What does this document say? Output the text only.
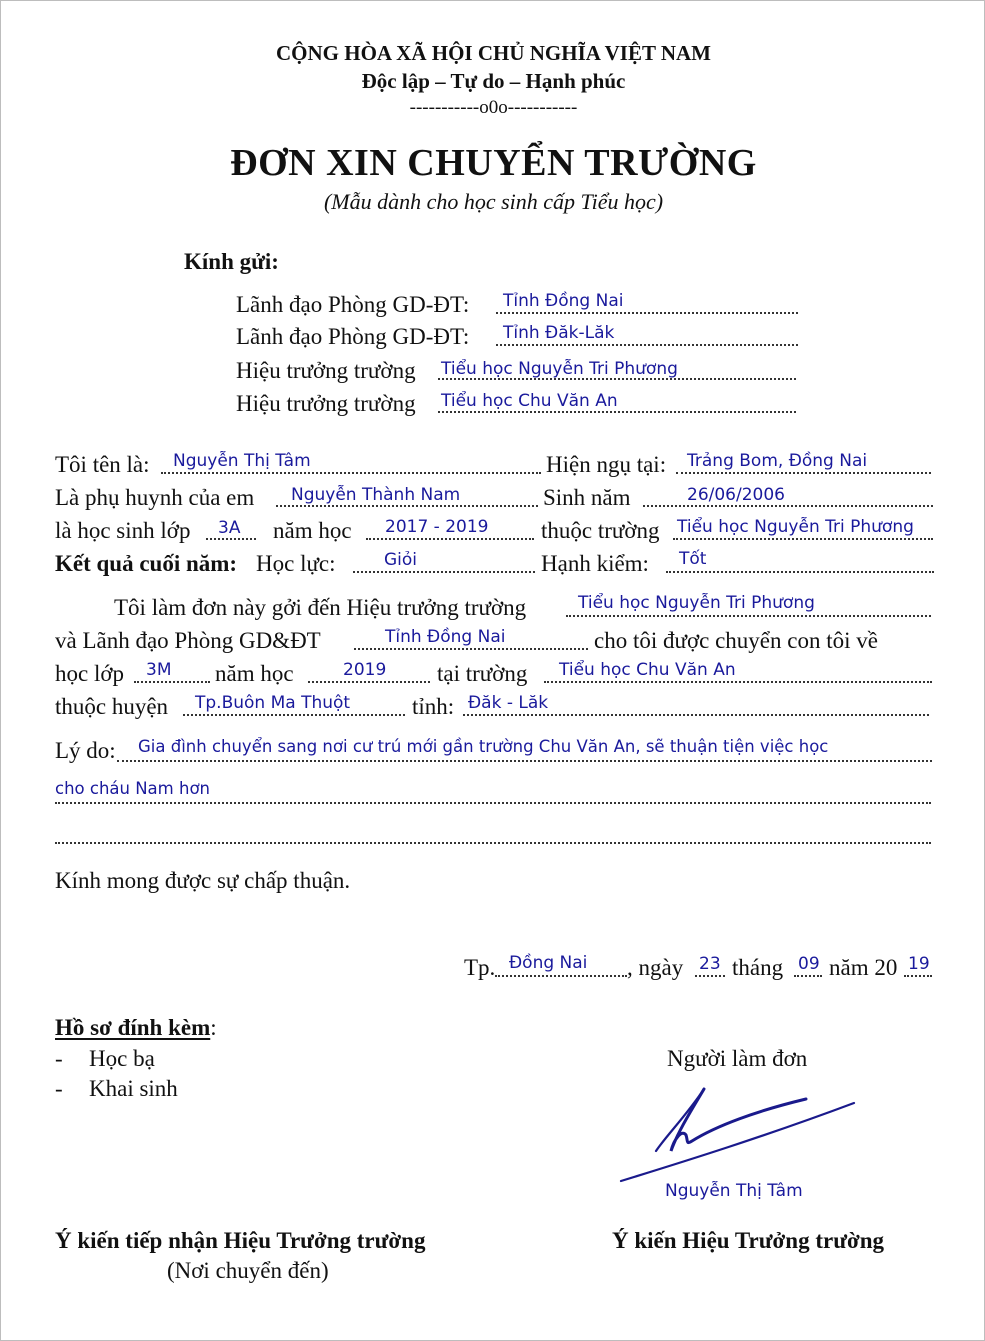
CỘNG HÒA XÃ HỘI CHỦ NGHĨA VIỆT NAM
Độc lập – Tự do – Hạnh phúc
-----------o0o-----------
ĐƠN XIN CHUYỂN TRƯỜNG
(Mẫu dành cho học sinh cấp Tiểu học)
Kính gửi:
Lãnh đạo Phòng GD-ĐT: Tỉnh Đồng Nai
Lãnh đạo Phòng GD-ĐT: Tỉnh Đăk-Lăk
Hiệu trưởng trường Tiểu học Nguyễn Tri Phương
Hiệu trưởng trường Tiểu học Chu Văn An
Tôi tên là: Nguyễn Thị Tâm	Hiện ngụ tại: Trảng Bom, Đồng Nai
Là phụ huynh của em Nguyễn Thành Nam	Sinh năm	26/06/2006
là học sinh lớp 3A năm học 2017 - 2019 thuộc trường Tiểu học Nguyễn Tri Phương
Kết quả cuối năm: Học lực:	Giỏi	Hạnh kiểm: Tốt
Tôi làm đơn này gởi đến Hiệu trưởng trường	Tiểu học Nguyễn Tri Phương
và Lãnh đạo Phòng GD&ĐT	Tỉnh Đồng Nai	cho tôi được chuyển con tôi về
học lớp 3M năm học	2019 tại trường Tiểu học Chu Văn An
thuộc huyện Tp.Buôn Ma Thuột	tỉnh: Đăk - Lăk
Lý do: Gia đình chuyển sang nơi cư trú mới gần trường Chu Văn An, sẽ thuận tiện việc học
cho cháu Nam hơn
Kính mong được sự chấp thuận.
Tp. Đồng Nai , ngày 23 tháng 09 năm 20 19
Hồ sơ đính kèm:
- Học bạ
- Khai sinh
Người làm đơn
Nguyễn Thị Tâm
Ý kiến tiếp nhận Hiệu Trưởng trường
(Nơi chuyển đến)
Ý kiến Hiệu Trưởng trường
